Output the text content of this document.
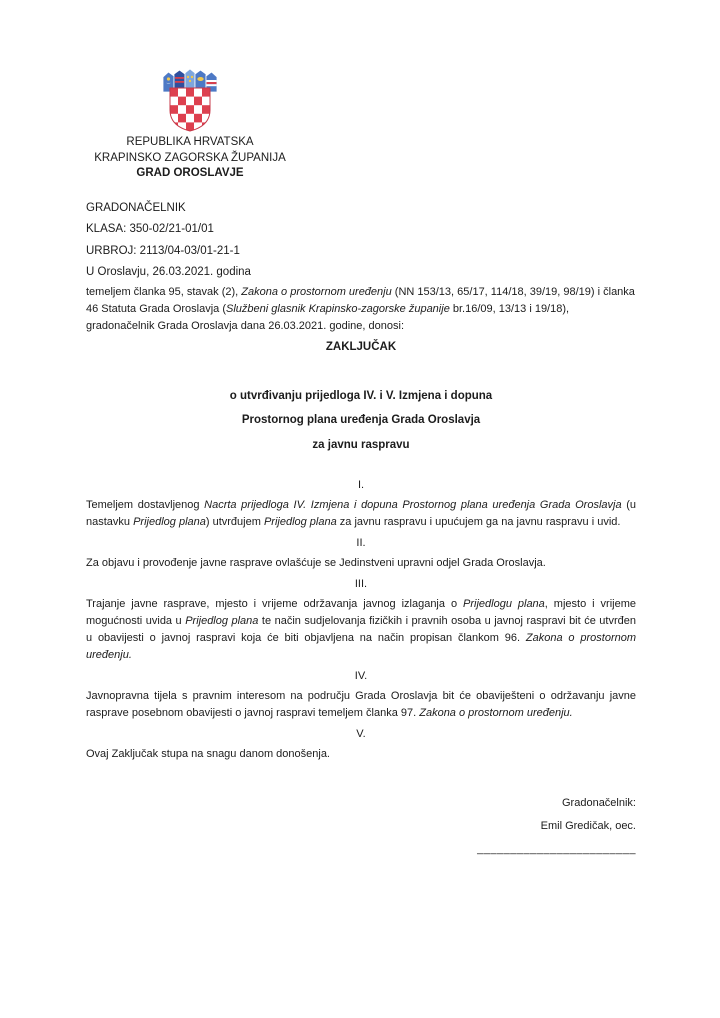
REPUBLIKA HRVATSKA
KRAPINSKO ZAGORSKA ŽUPANIJA
GRAD OROSLAVJE
GRADONAČELNIK
KLASA: 350-02/21-01/01
URBROJ: 2113/04-03/01-21-1
U Oroslavju, 26.03.2021. godina

temeljem članka 95, stavak (2), Zakona o prostornom uređenju (NN 153/13, 65/17, 114/18, 39/19, 98/19) i članka 46 Statuta Grada Oroslavja (Službeni glasnik Krapinsko-zagorske županije br.16/09, 13/13 i 19/18), gradonačelnik Grada Oroslavja dana 26.03.2021. godine, donosi:

ZAKLJUČAK
o utvrđivanju prijedloga IV. i V. Izmjena i dopuna
Prostornog plana uređenja Grada Oroslavja
za javnu raspravu
I.

Temeljem dostavljenog Nacrta prijedloga IV. Izmjena i dopuna Prostornog plana uređenja Grada Oroslavja (u nastavku Prijedlog plana) utvrđujem Prijedlog plana za javnu raspravu i upućujem ga na javnu raspravu i uvid.

II.

Za objavu i provođenje javne rasprave ovlašćuje se Jedinstveni upravni odjel Grada Oroslavja.

III.

Trajanje javne rasprave, mjesto i vrijeme održavanja javnog izlaganja o Prijedlogu plana, mjesto i vrijeme mogućnosti uvida u Prijedlog plana te način sudjelovanja fizičkih i pravnih osoba u javnoj raspravi bit će utvrđen u obavijesti o javnoj raspravi koja će biti objavljena na način propisan člankom 96. Zakona o prostornom uređenju.

IV.

Javnopravna tijela s pravnim interesom na području Grada Oroslavja bit će obaviješteni o održavanju javne rasprave posebnom obavijesti o javnoj raspravi temeljem članka 97. Zakona o prostornom uređenju.

V.

Ovaj Zaključak stupa na snagu danom donošenja.

Gradonačelnik:
Emil Gredičak, oec.
________________________
